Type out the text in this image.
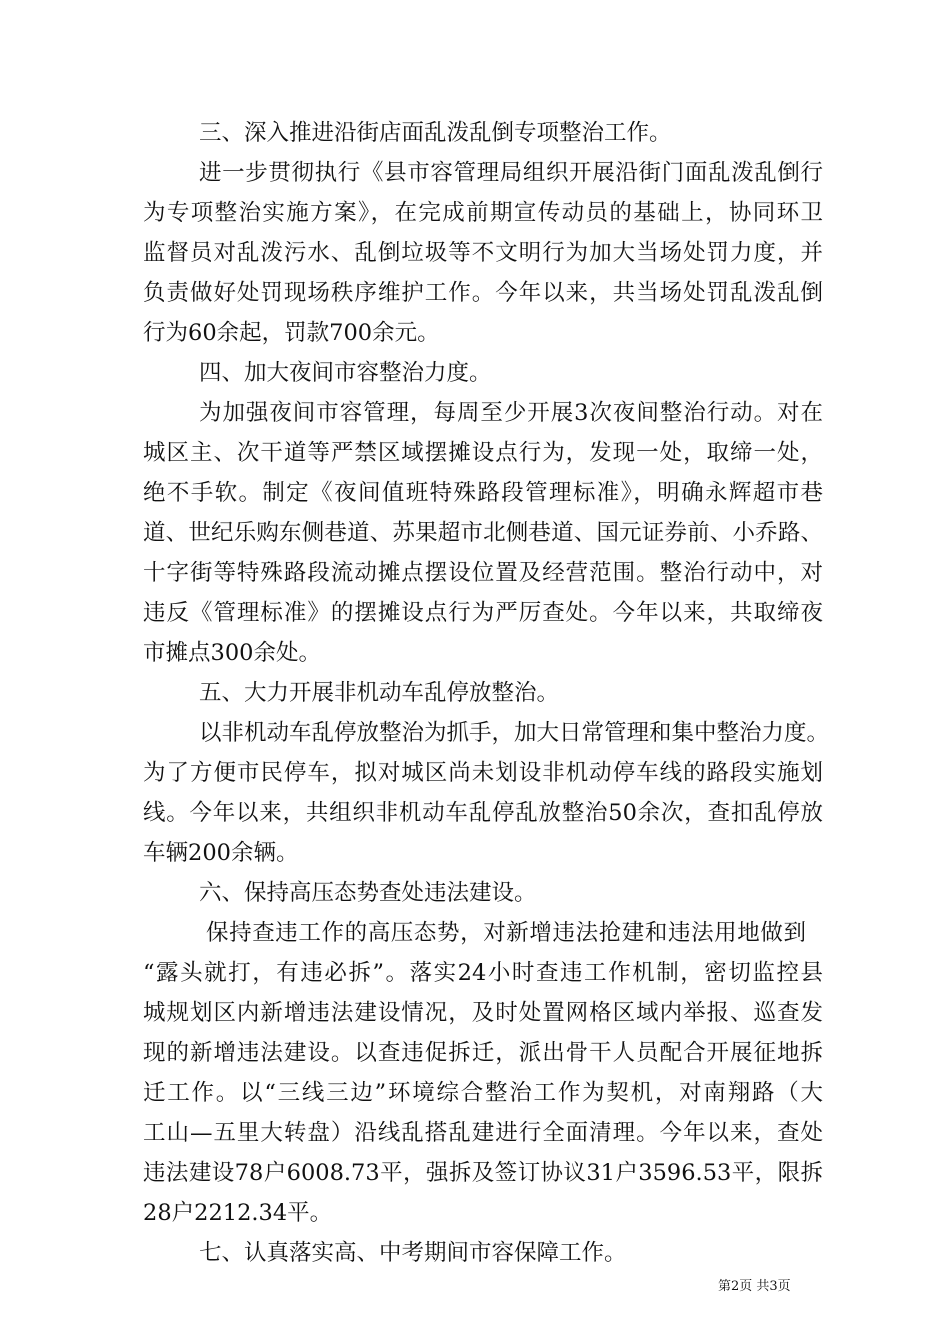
三、深入推进沿街店面乱泼乱倒专项整治工作。
进一步贯彻执行《县市容管理局组织开展沿街门面乱泼乱倒行
为专项整治实施方案》，在完成前期宣传动员的基础上，协同环卫
监督员对乱泼污水、乱倒垃圾等不文明行为加大当场处罚力度，并
负责做好处罚现场秩序维护工作。今年以来，共当场处罚乱泼乱倒
行为60余起，罚款700余元。
四、加大夜间市容整治力度。
为加强夜间市容管理，每周至少开展3次夜间整治行动。对在
城区主、次干道等严禁区域摆摊设点行为，发现一处，取缔一处，
绝不手软。制定《夜间值班特殊路段管理标准》，明确永辉超市巷
道、世纪乐购东侧巷道、苏果超市北侧巷道、国元证券前、小乔路、
十字街等特殊路段流动摊点摆设位置及经营范围。整治行动中，对
违反《管理标准》的摆摊设点行为严厉查处。今年以来，共取缔夜
市摊点300余处。
五、大力开展非机动车乱停放整治。
以非机动车乱停放整治为抓手，加大日常管理和集中整治力度。
为了方便市民停车，拟对城区尚未划设非机动停车线的路段实施划
线。今年以来，共组织非机动车乱停乱放整治50余次，查扣乱停放
车辆200余辆。
六、保持高压态势查处违法建设。
保持查违工作的高压态势，对新增违法抢建和违法用地做到
“露头就打，有违必拆”。落实24小时查违工作机制，密切监控县
城规划区内新增违法建设情况，及时处置网格区域内举报、巡查发
现的新增违法建设。以查违促拆迁，派出骨干人员配合开展征地拆
迁工作。以“三线三边”环境综合整治工作为契机，对南翔路（大
工山—五里大转盘）沿线乱搭乱建进行全面清理。今年以来，查处
违法建设78户6008.73平，强拆及签订协议31户3596.53平，限拆
28户2212.34平。
七、认真落实高、中考期间市容保障工作。
第2页 共3页
